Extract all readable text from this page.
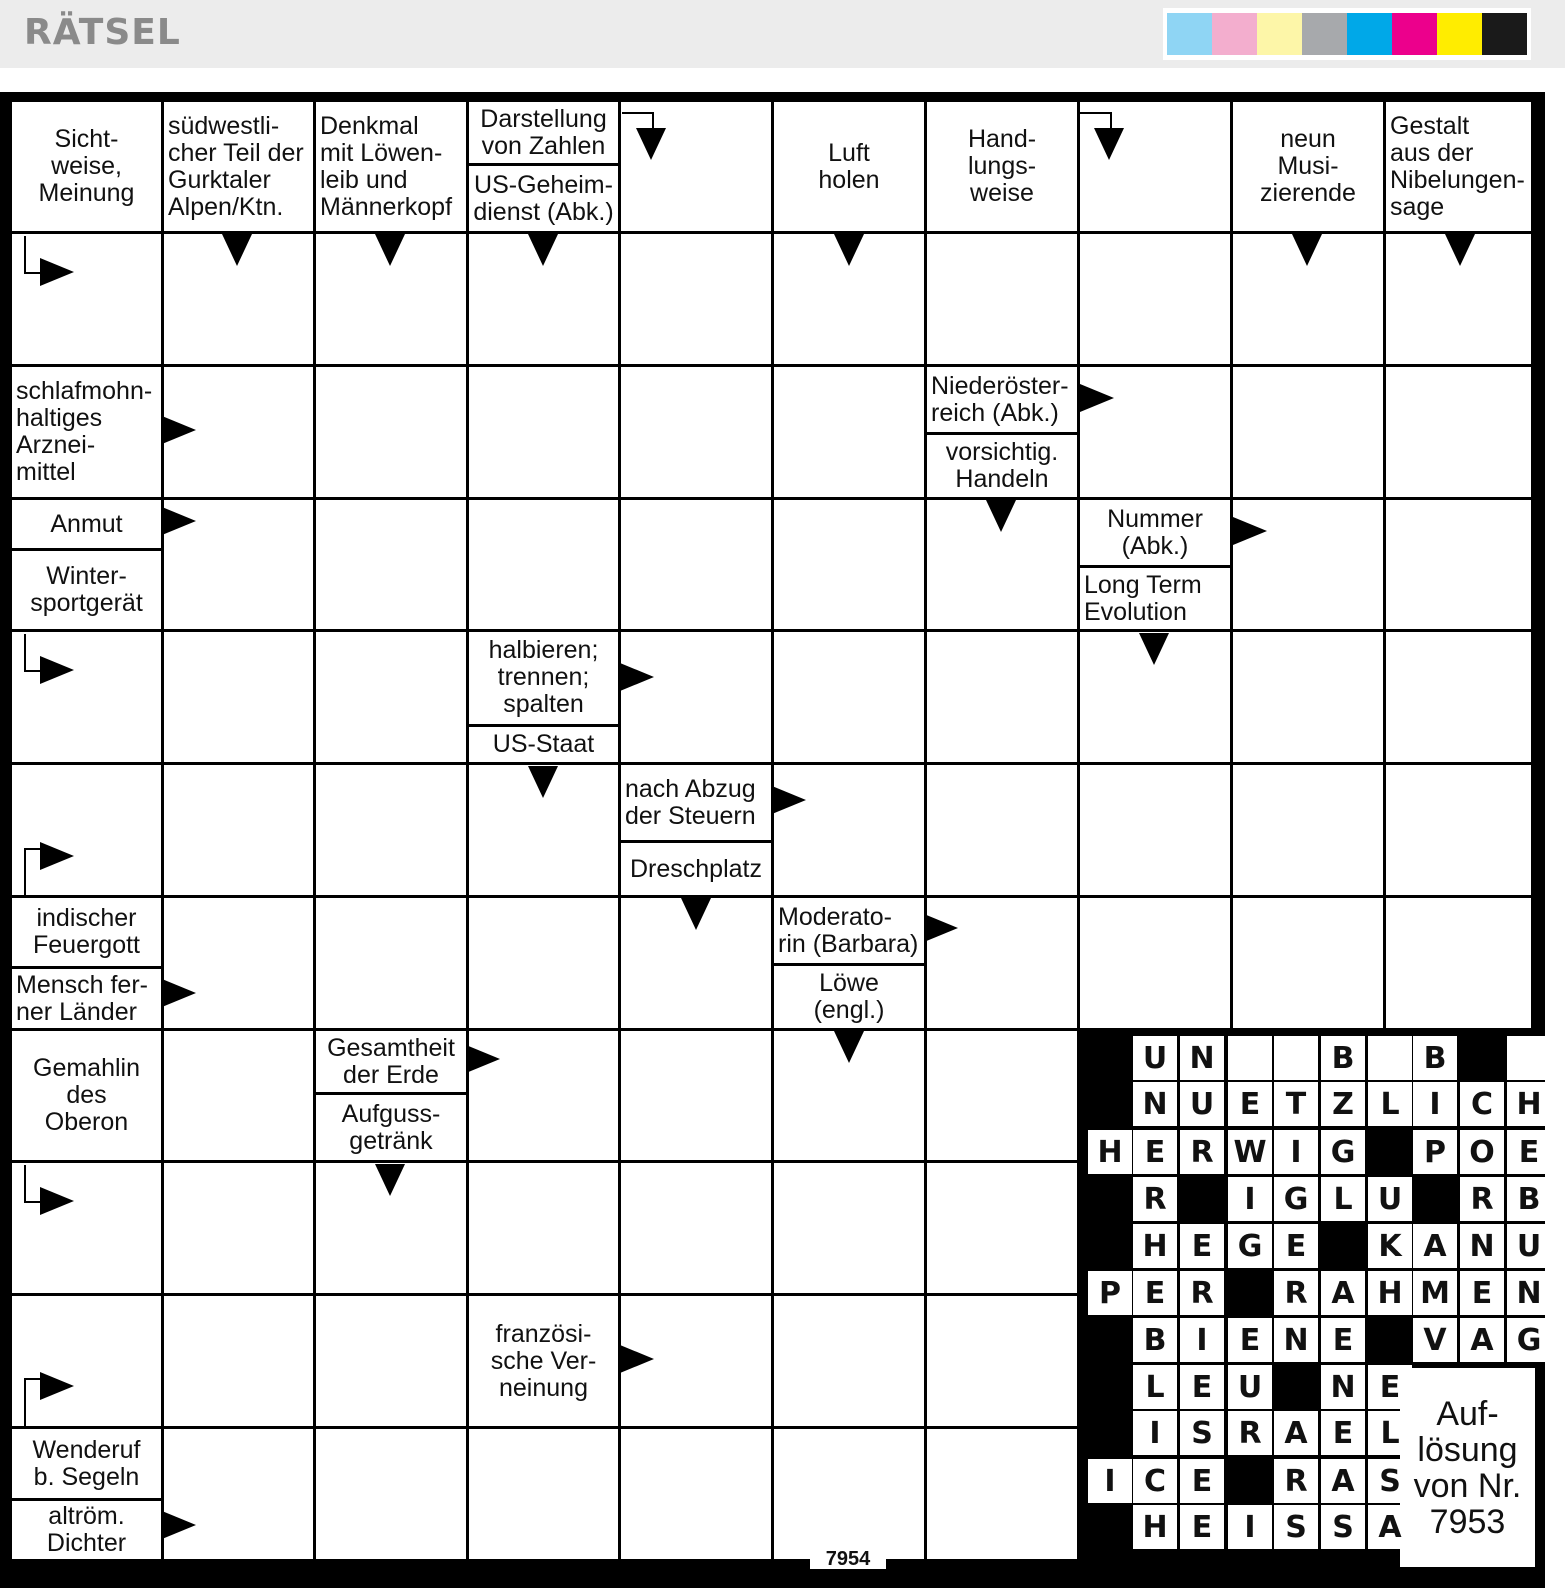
RÄTSEL
Auf-
lösung
von Nr.
7953
U N	B	B
N U E T Z L I	C H
H E R W I G	P O E
R	I G L U	R B
H E G E	K A N U
P E R	R A H M E N
B I	E N E	V A G
L E U	N E
I	S R A E L
I C E	R A S
H E	I S S A
Sicht-
weise,
Meinung
südwestli-
cher Teil der
Gurktaler
Alpen/Ktn.
Denkmal
mit Löwen-
leib und
Männerkopf
Darstellung
von Zahlen
US-Geheim-
dienst (Abk.)
Luft
holen
Hand-
lungs-
weise
neun
Musi-
zierende
Gestalt
aus der
Nibelungen-
sage
schlafmohn-
haltiges
Arznei-
mittel
Niederöster-
reich (Abk.)
vorsichtig.
Handeln
Anmut
Winter-
sportgerät
Nummer
(Abk.)
Long Term
Evolution
halbieren;
trennen;
spalten
US-Staat
nach Abzug
der Steuern
Dreschplatz
indischer
Feuergott
Mensch fer-
ner Länder
Moderato-
rin (Barbara)
Löwe
(engl.)
Gemahlin
des
Oberon
Gesamtheit
der Erde
Aufguss-
getränk
französi-
sche Ver-
neinung
Wenderuf
b. Segeln
altröm.
Dichter
7954
